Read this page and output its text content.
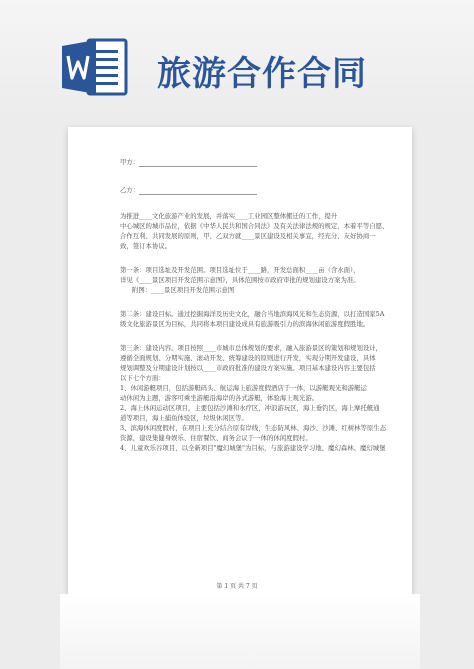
旅游合作合同
甲方：
乙方：
为推进____文化旅游产业的发展，并落实____工业园区整体搬迁的工作，提升
中心城区的城市品位，依据《中华人民共和国合同法》及有关法律法规的规定，本着平等自愿、
合作互利、共同发展的原则，甲、乙双方就____景区建设及相关事宜，经充分、友好协商一
致，签订本协议。
第一条：项目选址及开发范围。项目选址位于____路，开发总面积____亩（含水面），
详见《____景区项目开发范围示意图》，具体范围按市政府审批的规划建设方案为准。
附图：____景区项目开发范围示意图
第二条：建设目标。通过挖掘海洋及历史文化，融合当地滨海风光和生态资源，以打造国家5A
级文化旅游景区为目标，共同将本项目建设成具有旅游吸引力的滨海休闲旅游度假胜地。
第三条：建设内容。项目按照____市城市总体规划的要求，融入旅游景区的策划和规划设计，
遵循全面规划、分期实施、滚动开发、统筹建设的原则进行开发，实现分期开发建设，具体
规划调整及分期建设计划按以____市政府批准的建设方案实施。项目基本建设内容主要包括
以下七个方面：
1、休闲游艇项目，包括游艇码头、航运海上旅游度假酒店于一体，以游艇观光和游艇运
动休闲为主题，游客可乘坐游艇沿海岸的各式游艇，体验海上观光游。
2、海上休闲运动区项目，主要包括沙滩和水疗区，冲浪游玩区，海上垂钓区，海上摩托艇通
道等项目，海上捕鱼体验区，垃圾休闲区等。
3、滨海休闲度假村，在项目上充分结合原有岸线，生态防风林、海沙、沙滩、红树林等原生态
资源，建设集健身娱乐、住宿餐饮、商务会议于一体的休闲度假村。
4、儿童欢乐谷项目，以全新项目"魔幻城堡"为目标，与旅游建设学习地、魔幻森林、魔幻城堡
第 1 页 共 7 页
